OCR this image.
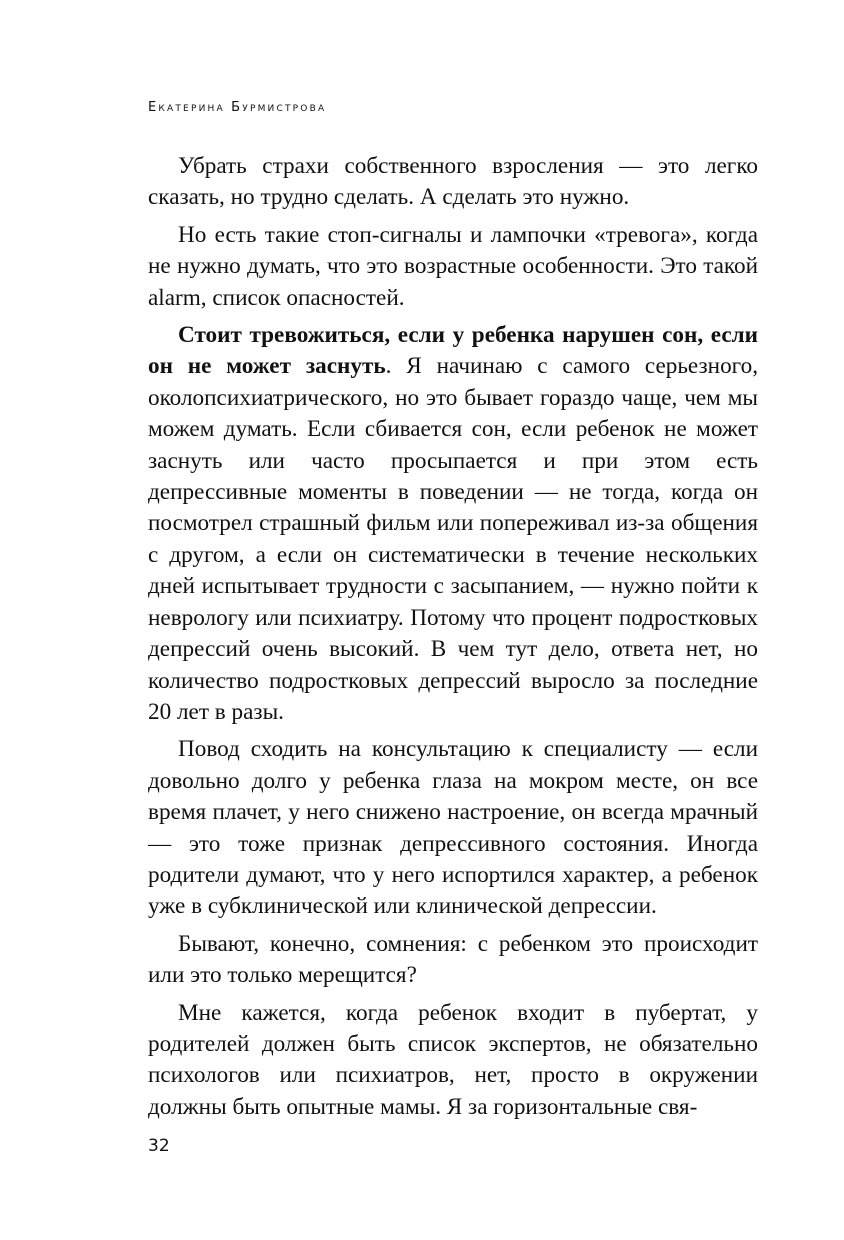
Екатерина Бурмистрова

Убрать страхи собственного взросления — это легко сказать, но трудно сделать. А сделать это нужно.

Но есть такие стоп-сигналы и лампочки «тревога», когда не нужно думать, что это возрастные особенности. Это такой alarm, список опасностей.

Стоит тревожиться, если у ребенка нарушен сон, если он не может заснуть. Я начинаю с самого серьезного, околопсихиатрического, но это бывает гораздо чаще, чем мы можем думать. Если сбивается сон, если ребенок не может заснуть или часто просыпается и при этом есть депрессивные моменты в поведении — не тогда, когда он посмотрел страшный фильм или попереживал из-за общения с другом, а если он систематически в течение нескольких дней испытывает трудности с засыпанием, — нужно пойти к неврологу или психиатру. Потому что процент подростковых депрессий очень высокий. В чем тут дело, ответа нет, но количество подростковых депрессий выросло за последние 20 лет в разы.

Повод сходить на консультацию к специалисту — если довольно долго у ребенка глаза на мокром месте, он все время плачет, у него снижено настроение, он всегда мрачный — это тоже признак депрессивного состояния. Иногда родители думают, что у него испортился характер, а ребенок уже в субклинической или клинической депрессии.

Бывают, конечно, сомнения: с ребенком это происходит или это только мерещится?

Мне кажется, когда ребенок входит в пубертат, у родителей должен быть список экспертов, не обязательно психологов или психиатров, нет, просто в окружении должны быть опытные мамы. Я за горизонтальные свя-

32
